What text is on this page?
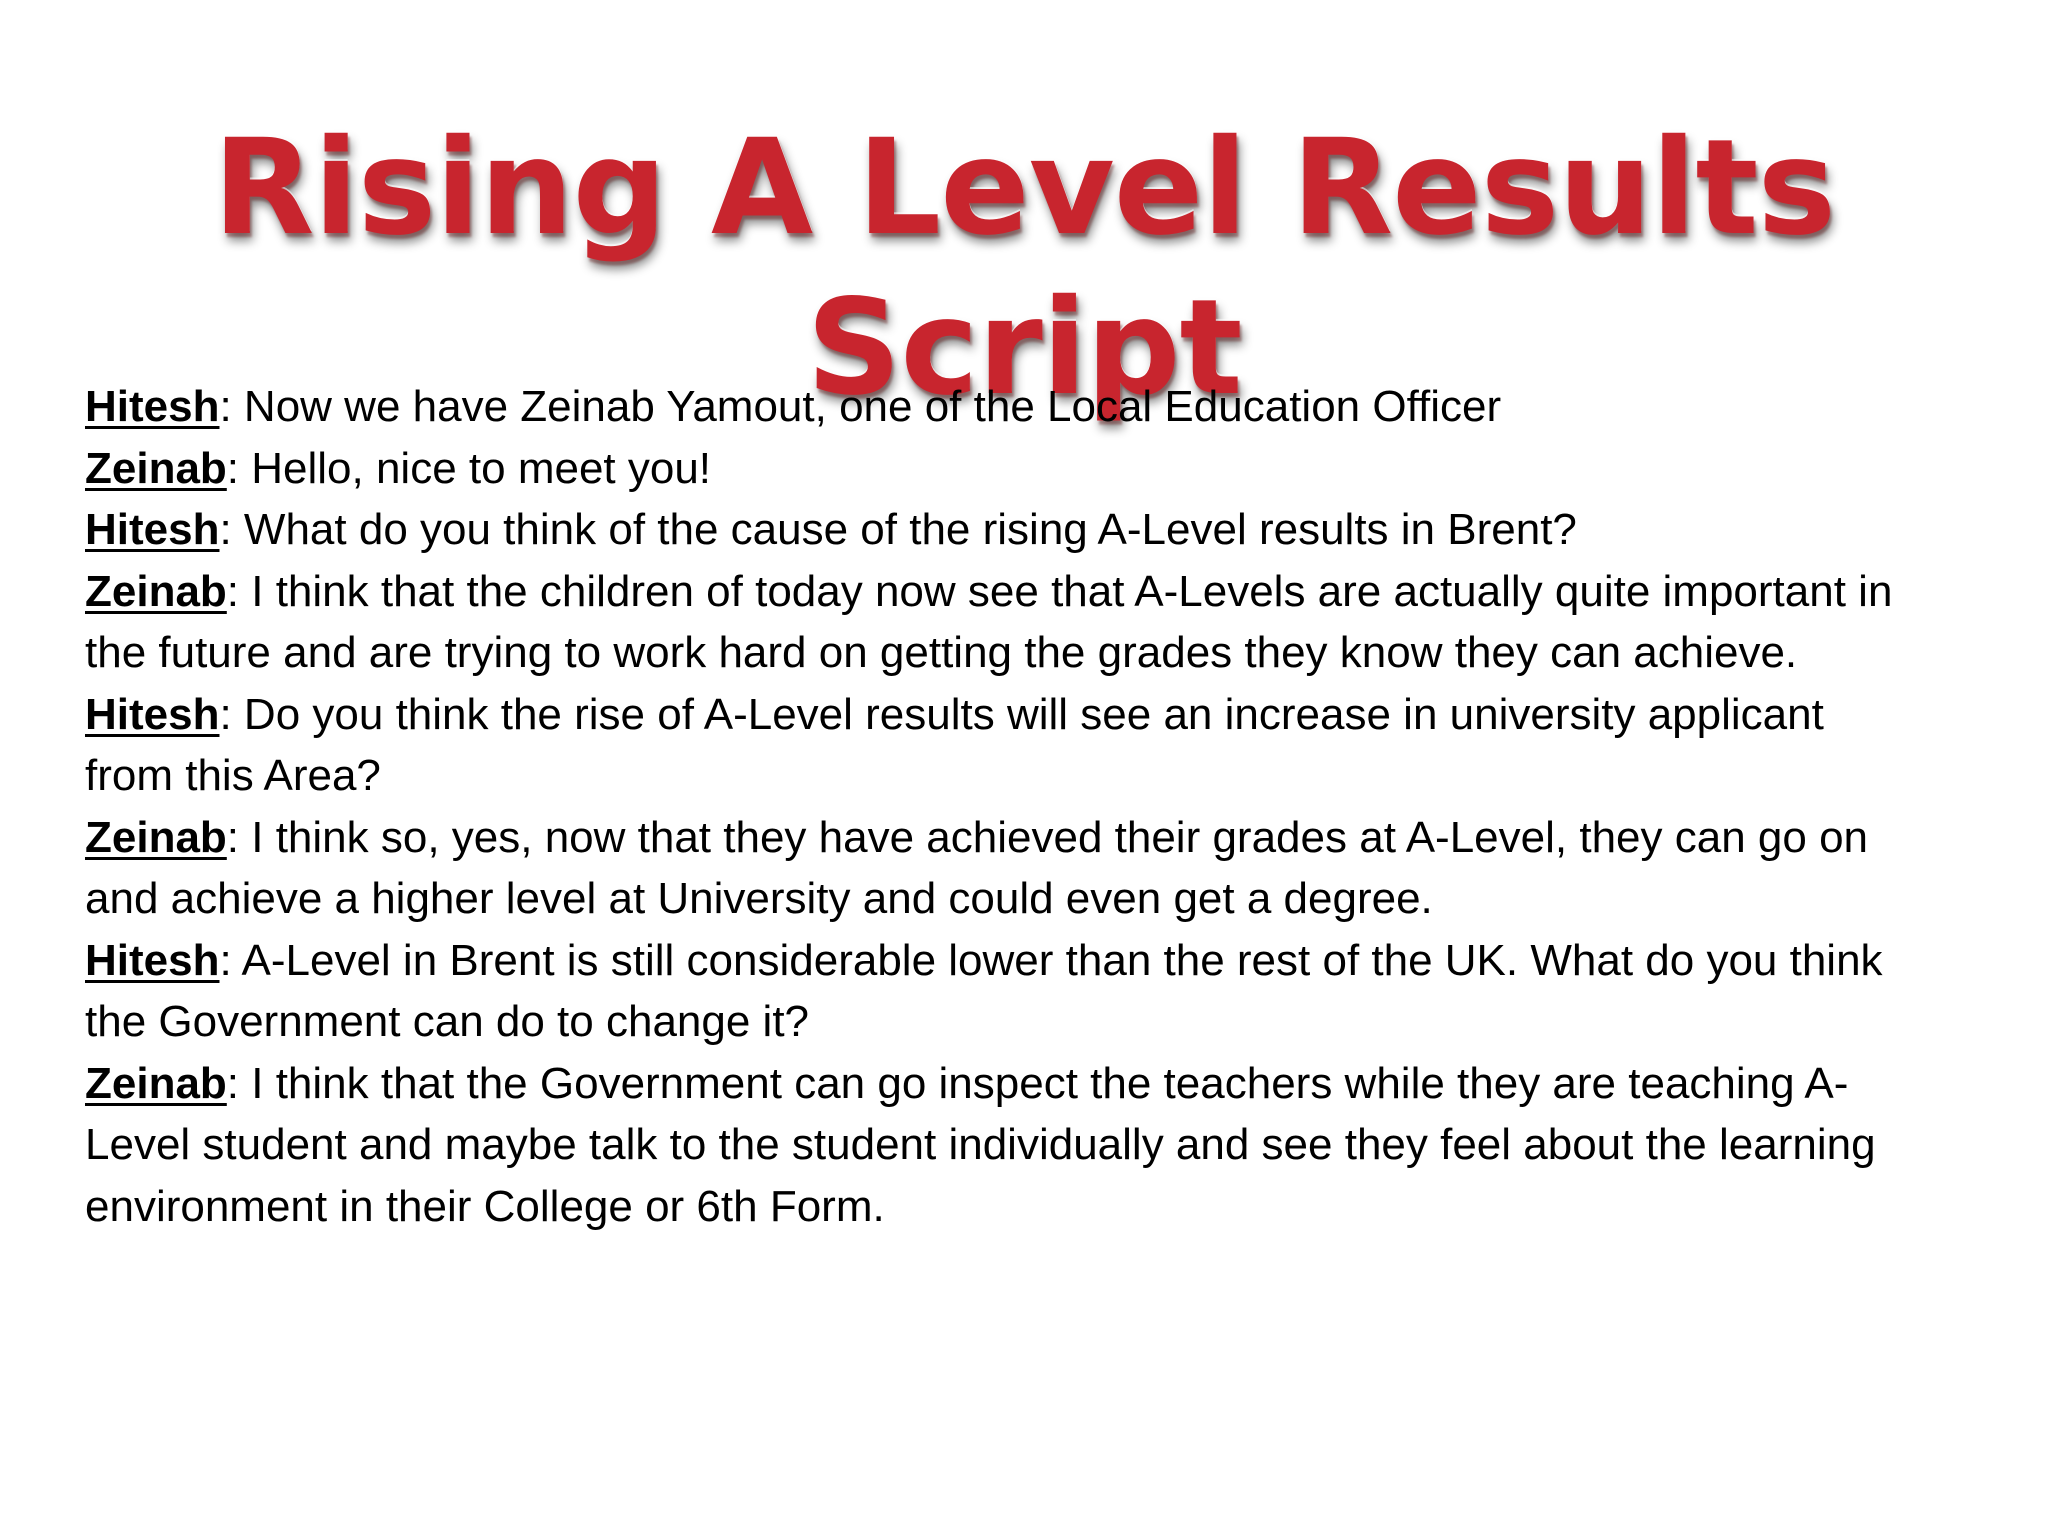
Rising A Level Results Script

Hitesh: Now we have Zeinab Yamout, one of the Local Education Officer

Zeinab: Hello, nice to meet you!

Hitesh: What do you think of the cause of the rising A-Level results in Brent?

Zeinab: I think that the children of today now see that A-Levels are actually quite important in the future and are trying to work hard on getting the grades they know they can achieve.

Hitesh: Do you think the rise of A-Level results will see an increase in university applicant from this Area?

Zeinab: I think so, yes, now that they have achieved their grades at A-Level, they can go on and achieve a higher level at University and could even get a degree.

Hitesh: A-Level in Brent is still considerable lower than the rest of the UK. What do you think the Government can do to change it?

Zeinab: I think that the Government can go inspect the teachers while they are teaching A-Level student and maybe talk to the student individually and see they feel about the learning environment in their College or 6th Form.
